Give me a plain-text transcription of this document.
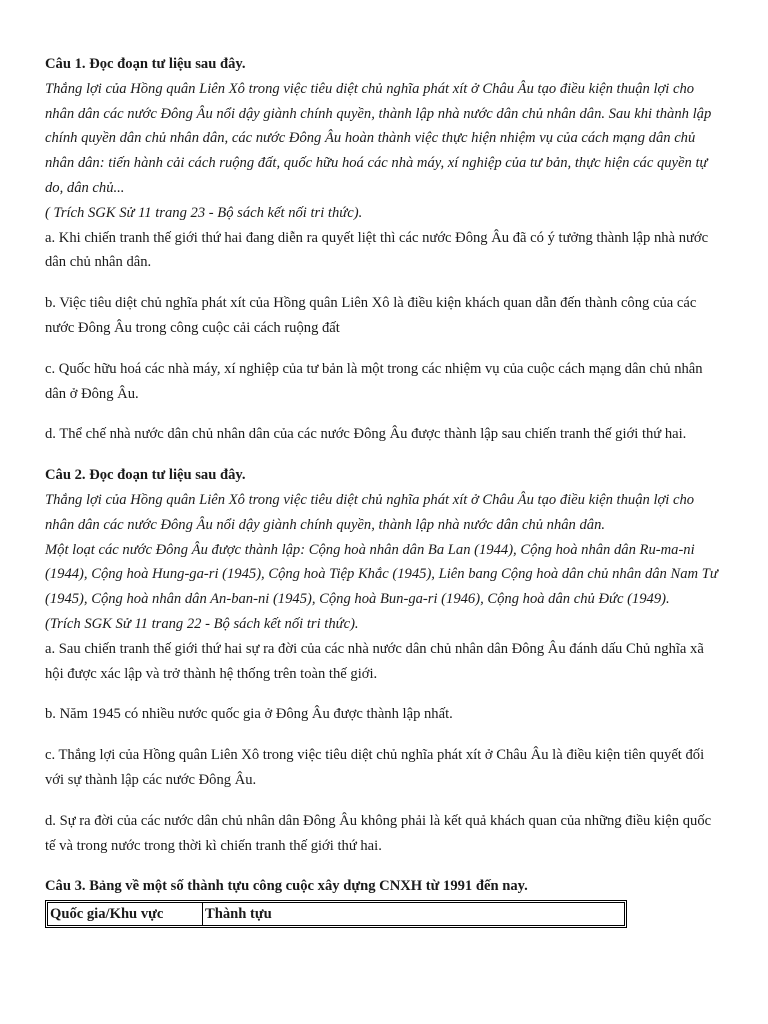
Câu 1. Đọc đoạn tư liệu sau đây.

Thắng lợi của Hồng quân Liên Xô trong việc tiêu diệt chủ nghĩa phát xít ở Châu Âu tạo điều kiện thuận lợi cho nhân dân các nước Đông Âu nổi dậy giành chính quyền, thành lập nhà nước dân chủ nhân dân. Sau khi thành lập chính quyền dân chủ nhân dân, các nước Đông Âu hoàn thành việc thực hiện nhiệm vụ của cách mạng dân chủ nhân dân: tiến hành cải cách ruộng đất, quốc hữu hoá các nhà máy, xí nghiệp của tư bản, thực hiện các quyền tự do, dân chủ...

( Trích SGK Sử 11 trang 23 - Bộ sách kết nối tri thức).

a. Khi chiến tranh thế giới thứ hai đang diễn ra quyết liệt thì các nước Đông Âu đã có ý tưởng thành lập nhà nước dân chủ nhân dân.

b. Việc tiêu diệt chủ nghĩa phát xít của Hồng quân Liên Xô là điều kiện khách quan dẫn đến thành công của các nước Đông Âu trong công cuộc cải cách ruộng đất

c. Quốc hữu hoá các nhà máy, xí nghiệp của tư bản là một trong các nhiệm vụ của cuộc cách mạng dân chủ nhân dân ở Đông Âu.

d. Thể chế nhà nước dân chủ nhân dân của các nước Đông Âu được thành lập sau chiến tranh thế giới thứ hai.

Câu 2. Đọc đoạn tư liệu sau đây.

Thắng lợi của Hồng quân Liên Xô trong việc tiêu diệt chủ nghĩa phát xít ở Châu Âu tạo điều kiện thuận lợi cho nhân dân các nước Đông Âu nổi dậy giành chính quyền, thành lập nhà nước dân chủ nhân dân.

Một loạt các nước Đông Âu được thành lập: Cộng hoà nhân dân Ba Lan (1944), Cộng hoà nhân dân Ru-ma-ni (1944), Cộng hoà Hung-ga-ri (1945), Cộng hoà Tiệp Khắc (1945), Liên bang Cộng hoà dân chủ nhân dân Nam Tư (1945), Cộng hoà nhân dân An-ban-ni (1945), Cộng hoà Bun-ga-ri (1946), Cộng hoà dân chủ Đức (1949).

(Trích SGK Sử 11 trang 22 - Bộ sách kết nối tri thức).

a. Sau chiến tranh thế giới thứ hai sự ra đời của các nhà nước dân chủ nhân dân Đông Âu đánh dấu Chủ nghĩa xã hội được xác lập và trở thành hệ thống trên toàn thế giới.

b. Năm 1945 có nhiều nước quốc gia ở Đông Âu được thành lập nhất.

c. Thắng lợi của Hồng quân Liên Xô trong việc tiêu diệt chủ nghĩa phát xít ở Châu Âu là điều kiện tiên quyết đối với sự thành lập các nước Đông Âu.

d. Sự ra đời của các nước dân chủ nhân dân Đông Âu không phải là kết quả khách quan của những điều kiện quốc tế và trong nước trong thời kì chiến tranh thế giới thứ hai.

Câu 3. Bảng về một số thành tựu công cuộc xây dựng CNXH từ 1991 đến nay.

Quốc gia/Khu vực	Thành tựu
